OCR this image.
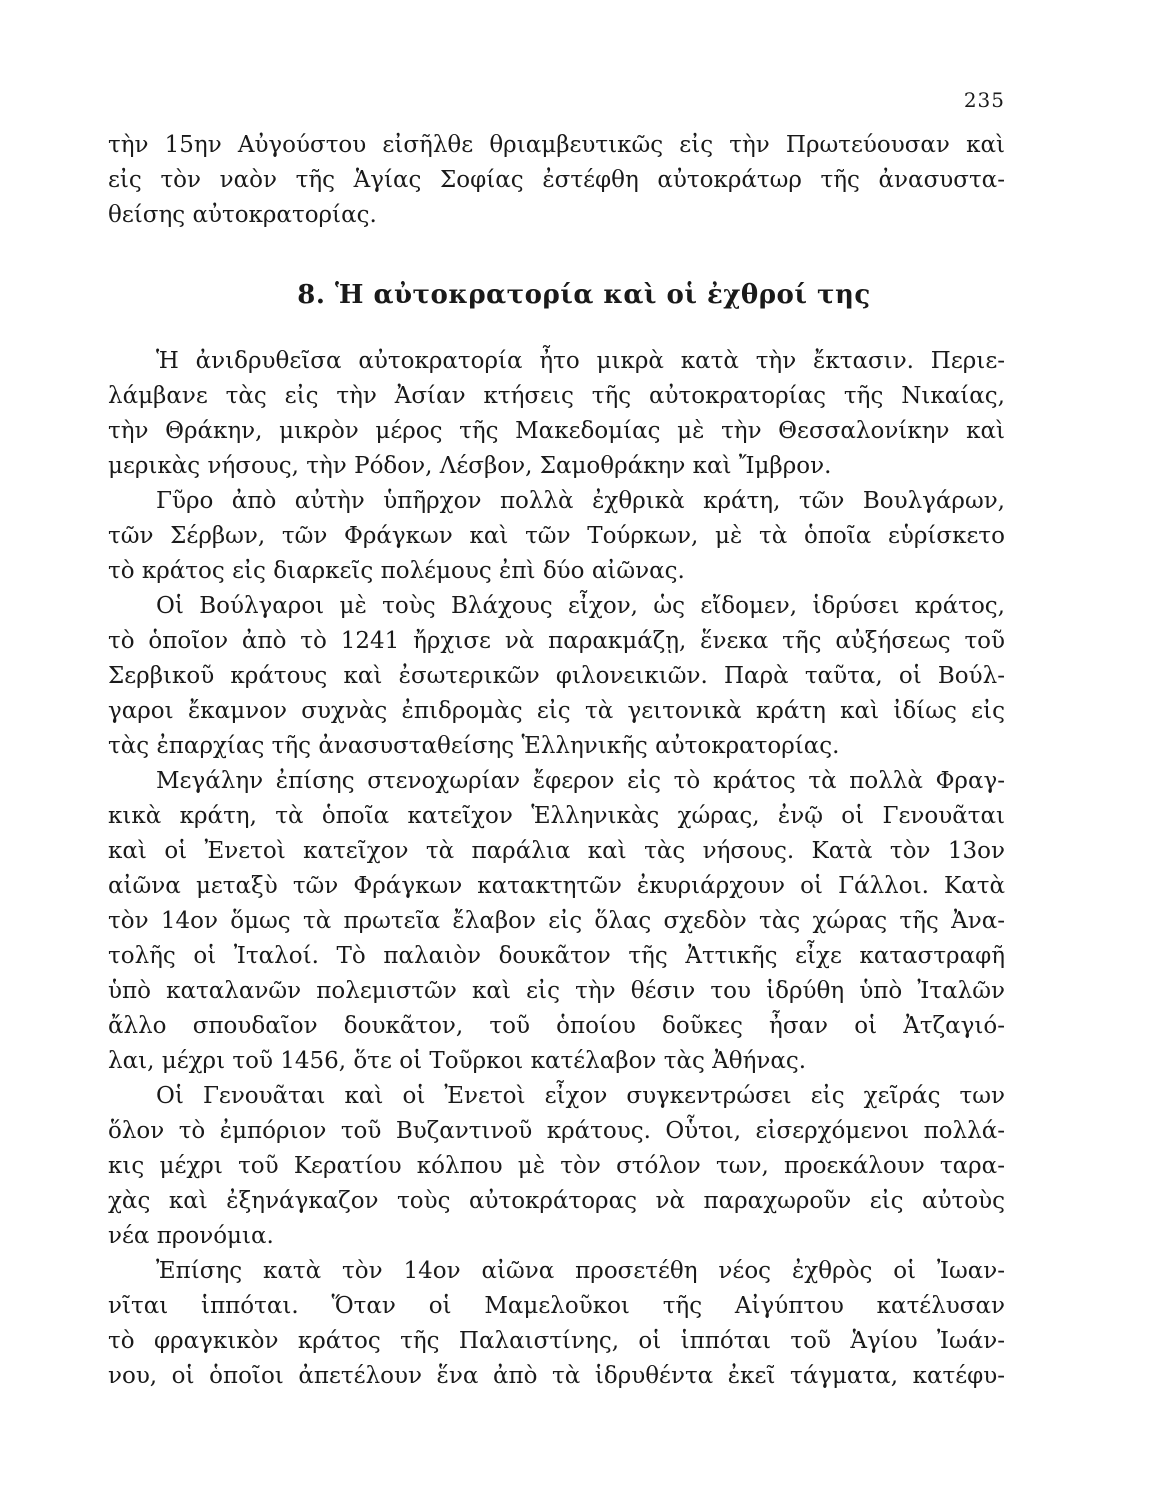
235
τὴν 15ην Αὐγούστου εἰσῆλθε θριαμβευτικῶς εἰς τὴν Πρωτεύουσαν καὶ
εἰς τὸν ναὸν τῆς Ἁγίας Σοφίας ἐστέφθη αὐτοκράτωρ τῆς ἀνασυστα-
θείσης αὐτοκρατορίας.
8. Ἡ αὐτοκρατορία καὶ οἱ ἐχθροί της
Ἡ ἀνιδρυθεῖσα αὐτοκρατορία ἦτο μικρὰ κατὰ τὴν ἔκτασιν. Περιε-
λάμβανε τὰς εἰς τὴν Ἀσίαν κτήσεις τῆς αὐτοκρατορίας τῆς Νικαίας,
τὴν Θράκην, μικρὸν μέρος τῆς Μακεδομίας μὲ τὴν Θεσσαλονίκην καὶ
μερικὰς νήσους, τὴν Ρόδον, Λέσβον, Σαμοθράκην καὶ Ἴμβρον.
Γῦρο ἀπὸ αὐτὴν ὑπῆρχον πολλὰ ἐχθρικὰ κράτη, τῶν Βουλγάρων,
τῶν Σέρβων, τῶν Φράγκων καὶ τῶν Τούρκων, μὲ τὰ ὁποῖα εὑρίσκετο
τὸ κράτος εἰς διαρκεῖς πολέμους ἐπὶ δύο αἰῶνας.
Οἱ Βούλγαροι μὲ τοὺς Βλάχους εἶχον, ὡς εἴδομεν, ἱδρύσει κράτος,
τὸ ὁποῖον ἀπὸ τὸ 1241 ἤρχισε νὰ παρακμάζῃ, ἕνεκα τῆς αὐξήσεως τοῦ
Σερβικοῦ κράτους καὶ ἐσωτερικῶν φιλονεικιῶν. Παρὰ ταῦτα, οἱ Βούλ-
γαροι ἔκαμνον συχνὰς ἐπιδρομὰς εἰς τὰ γειτονικὰ κράτη καὶ ἰδίως εἰς
τὰς ἐπαρχίας τῆς ἀνασυσταθείσης Ἑλληνικῆς αὐτοκρατορίας.
Μεγάλην ἐπίσης στενοχωρίαν ἔφερον εἰς τὸ κράτος τὰ πολλὰ Φραγ-
κικὰ κράτη, τὰ ὁποῖα κατεῖχον Ἑλληνικὰς χώρας, ἐνῷ οἱ Γενουᾶται
καὶ οἱ Ἐνετοὶ κατεῖχον τὰ παράλια καὶ τὰς νήσους. Κατὰ τὸν 13ον
αἰῶνα μεταξὺ τῶν Φράγκων κατακτητῶν ἐκυριάρχουν οἱ Γάλλοι. Κατὰ
τὸν 14ον ὅμως τὰ πρωτεῖα ἔλαβον εἰς ὅλας σχεδὸν τὰς χώρας τῆς Ἀνα-
τολῆς οἱ Ἰταλοί. Τὸ παλαιὸν δουκᾶτον τῆς Ἀττικῆς εἶχε καταστραφῆ
ὑπὸ καταλανῶν πολεμιστῶν καὶ εἰς τὴν θέσιν του ἱδρύθη ὑπὸ Ἰταλῶν
ἄλλο σπουδαῖον δουκᾶτον, τοῦ ὁποίου δοῦκες ἦσαν οἱ Ἀτζαγιό-
λαι, μέχρι τοῦ 1456, ὅτε οἱ Τοῦρκοι κατέλαβον τὰς Ἀθήνας.
Οἱ Γενουᾶται καὶ οἱ Ἐνετοὶ εἶχον συγκεντρώσει εἰς χεῖράς των
ὅλον τὸ ἐμπόριον τοῦ Βυζαντινοῦ κράτους. Οὗτοι, εἰσερχόμενοι πολλά-
κις μέχρι τοῦ Κερατίου κόλπου μὲ τὸν στόλον των, προεκάλουν ταρα-
χὰς καὶ ἐξηνάγκαζον τοὺς αὐτοκράτορας νὰ παραχωροῦν εἰς αὐτοὺς
νέα προνόμια.
Ἐπίσης κατὰ τὸν 14ον αἰῶνα προσετέθη νέος ἐχθρὸς οἱ Ἰωαν-
νῖται ἱππόται. Ὅταν οἱ Μαμελοῦκοι τῆς Αἰγύπτου κατέλυσαν
τὸ φραγκικὸν κράτος τῆς Παλαιστίνης, οἱ ἱππόται τοῦ Ἁγίου Ἰωάν-
νου, οἱ ὁποῖοι ἀπετέλουν ἕνα ἀπὸ τὰ ἱδρυθέντα ἐκεῖ τάγματα, κατέφυ-
